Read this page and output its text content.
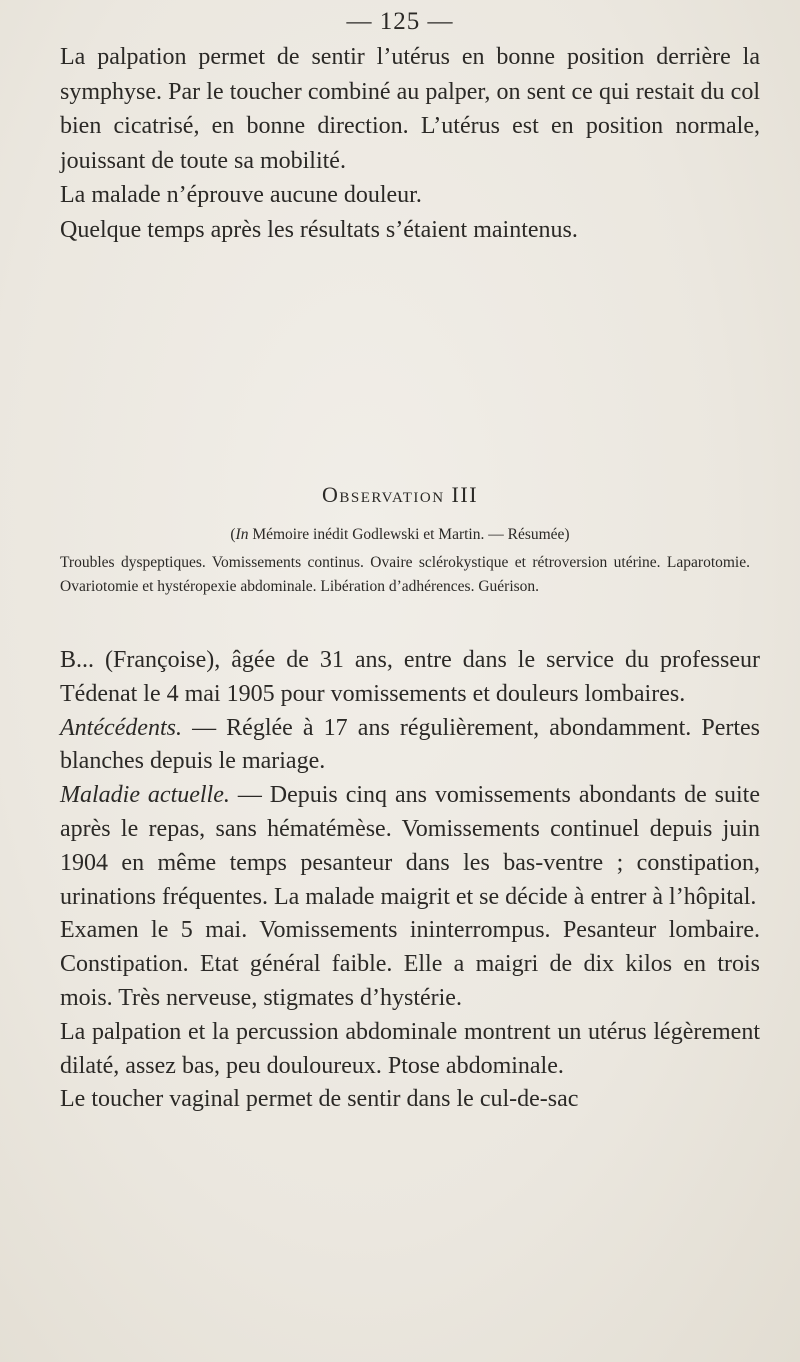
— 125 —

La palpation permet de sentir l’utérus en bonne position derrière la symphyse. Par le toucher combiné au palper, on sent ce qui restait du col bien cicatrisé, en bonne direction. L’utérus est en position normale, jouissant de toute sa mobilité.

La malade n’éprouve aucune douleur.

Quelque temps après les résultats s’étaient maintenus.

Observation III
(In Mémoire inédit Godlewski et Martin. — Résumée)

Troubles dyspeptiques. Vomissements continus. Ovaire sclérokystique et rétroversion utérine. Laparotomie. Ovariotomie et hystéropexie abdominale. Libération d’adhérences. Guérison.

B... (Françoise), âgée de 31 ans, entre dans le service du professeur Tédenat le 4 mai 1905 pour vomissements et douleurs lombaires.

Antécédents. — Réglée à 17 ans régulièrement, abondamment. Pertes blanches depuis le mariage.

Maladie actuelle. — Depuis cinq ans vomissements abondants de suite après le repas, sans hématémèse. Vomissements continuel depuis juin 1904 en même temps pesanteur dans les bas-ventre ; constipation, urinations fréquentes. La malade maigrit et se décide à entrer à l’hôpital.

Examen le 5 mai. Vomissements ininterrompus. Pesanteur lombaire. Constipation. Etat général faible. Elle a maigri de dix kilos en trois mois. Très nerveuse, stigmates d’hystérie.

La palpation et la percussion abdominale montrent un utérus légèrement dilaté, assez bas, peu douloureux. Ptose abdominale.

Le toucher vaginal permet de sentir dans le cul-de-sac
